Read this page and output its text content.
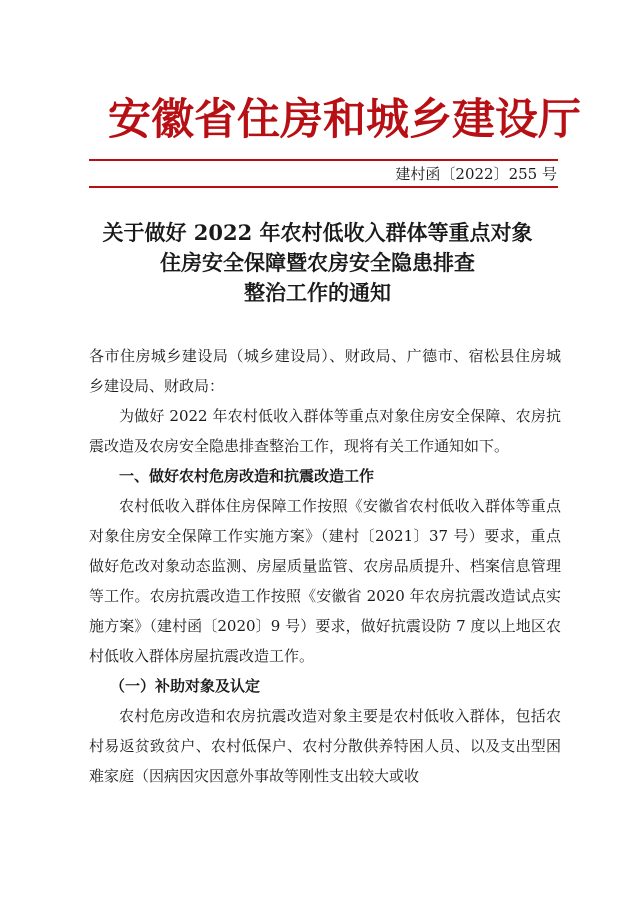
安徽省住房和城乡建设厅
建村函〔2022〕255 号
关于做好 2022 年农村低收入群体等重点对象
住房安全保障暨农房安全隐患排查
整治工作的通知

各市住房城乡建设局（城乡建设局）、财政局、广德市、宿松县住房城乡建设局、财政局：

为做好 2022 年农村低收入群体等重点对象住房安全保障、农房抗震改造及农房安全隐患排查整治工作，现将有关工作通知如下。

一、做好农村危房改造和抗震改造工作

农村低收入群体住房保障工作按照《安徽省农村低收入群体等重点对象住房安全保障工作实施方案》（建村〔2021〕37 号）要求，重点做好危改对象动态监测、房屋质量监管、农房品质提升、档案信息管理等工作。农房抗震改造工作按照《安徽省 2020 年农房抗震改造试点实施方案》（建村函〔2020〕9 号）要求，做好抗震设防 7 度以上地区农村低收入群体房屋抗震改造工作。

（一）补助对象及认定

农村危房改造和农房抗震改造对象主要是农村低收入群体，包括农村易返贫致贫户、农村低保户、农村分散供养特困人员、以及支出型困难家庭（因病因灾因意外事故等刚性支出较大或收
